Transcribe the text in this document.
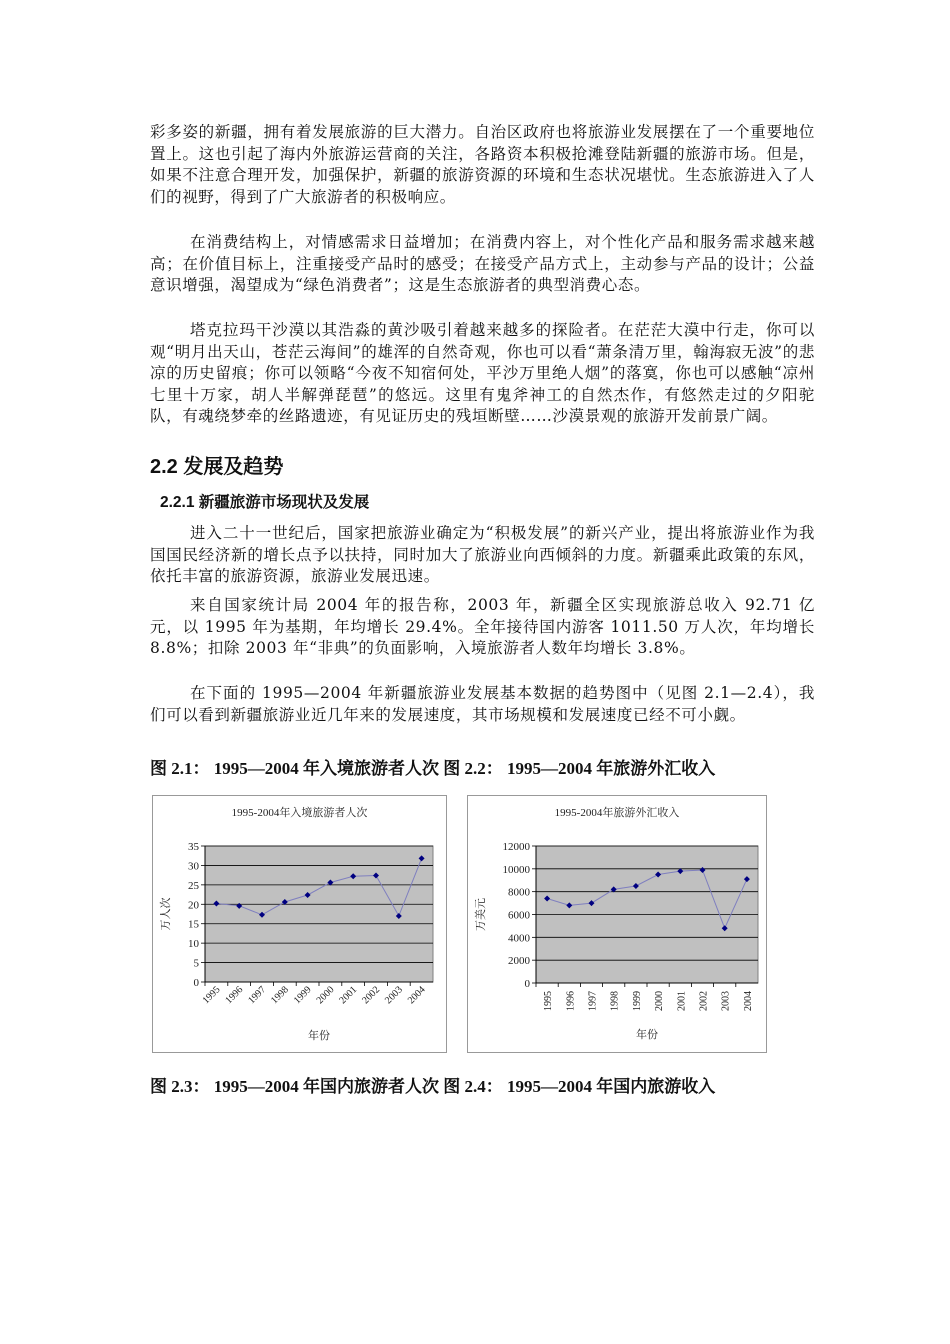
彩多姿的新疆，拥有着发展旅游的巨大潜力。自治区政府也将旅游业发展摆在了一个重要地位置上。这也引起了海内外旅游运营商的关注，各路资本积极抢滩登陆新疆的旅游市场。但是，如果不注意合理开发，加强保护，新疆的旅游资源的环境和生态状况堪忧。生态旅游进入了人们的视野，得到了广大旅游者的积极响应。

在消费结构上，对情感需求日益增加；在消费内容上，对个性化产品和服务需求越来越高；在价值目标上，注重接受产品时的感受；在接受产品方式上，主动参与产品的设计；公益意识增强，渴望成为“绿色消费者”；这是生态旅游者的典型消费心态。

塔克拉玛干沙漠以其浩淼的黄沙吸引着越来越多的探险者。在茫茫大漠中行走，你可以观“明月出天山，苍茫云海间”的雄浑的自然奇观，你也可以看“萧条清万里，翰海寂无波”的悲凉的历史留痕；你可以领略“今夜不知宿何处，平沙万里绝人烟”的落寞，你也可以感触“凉州七里十万家，胡人半解弹琵琶”的悠远。这里有鬼斧神工的自然杰作，有悠然走过的夕阳驼队，有魂绕梦牵的丝路遗迹，有见证历史的残垣断壁……沙漠景观的旅游开发前景广阔。

2.2 发展及趋势
2.2.1 新疆旅游市场现状及发展

进入二十一世纪后，国家把旅游业确定为“积极发展”的新兴产业，提出将旅游业作为我国国民经济新的增长点予以扶持，同时加大了旅游业向西倾斜的力度。新疆乘此政策的东风，依托丰富的旅游资源，旅游业发展迅速。

来自国家统计局 2004 年的报告称，2003 年，新疆全区实现旅游总收入 92.71 亿元，以 1995 年为基期，年均增长 29.4%。全年接待国内游客 1011.50 万人次，年均增长 8.8%；扣除 2003 年“非典”的负面影响，入境旅游者人数年均增长 3.8%。

在下面的 1995—2004 年新疆旅游业发展基本数据的趋势图中（见图 2.1—2.4），我们可以看到新疆旅游业近几年来的发展速度，其市场规模和发展速度已经不可小觑。

图 2.1： 1995—2004 年入境旅游者人次 图 2.2： 1995—2004 年旅游外汇收入

1995-2004年入境旅游者人次
0
5
10
15
20
25
30
35
1995 1996 1997 1998 1999 2000 2001 2002 2003 2004
万人次
年份
1995-2004年旅游外汇收入
0
2000
4000
6000
8000
10000
12000
1995 1996 1997 1998 1999 2000 2001 2002 2003 2004
万美元
年份

图 2.3： 1995—2004 年国内旅游者人次 图 2.4： 1995—2004 年国内旅游收入
